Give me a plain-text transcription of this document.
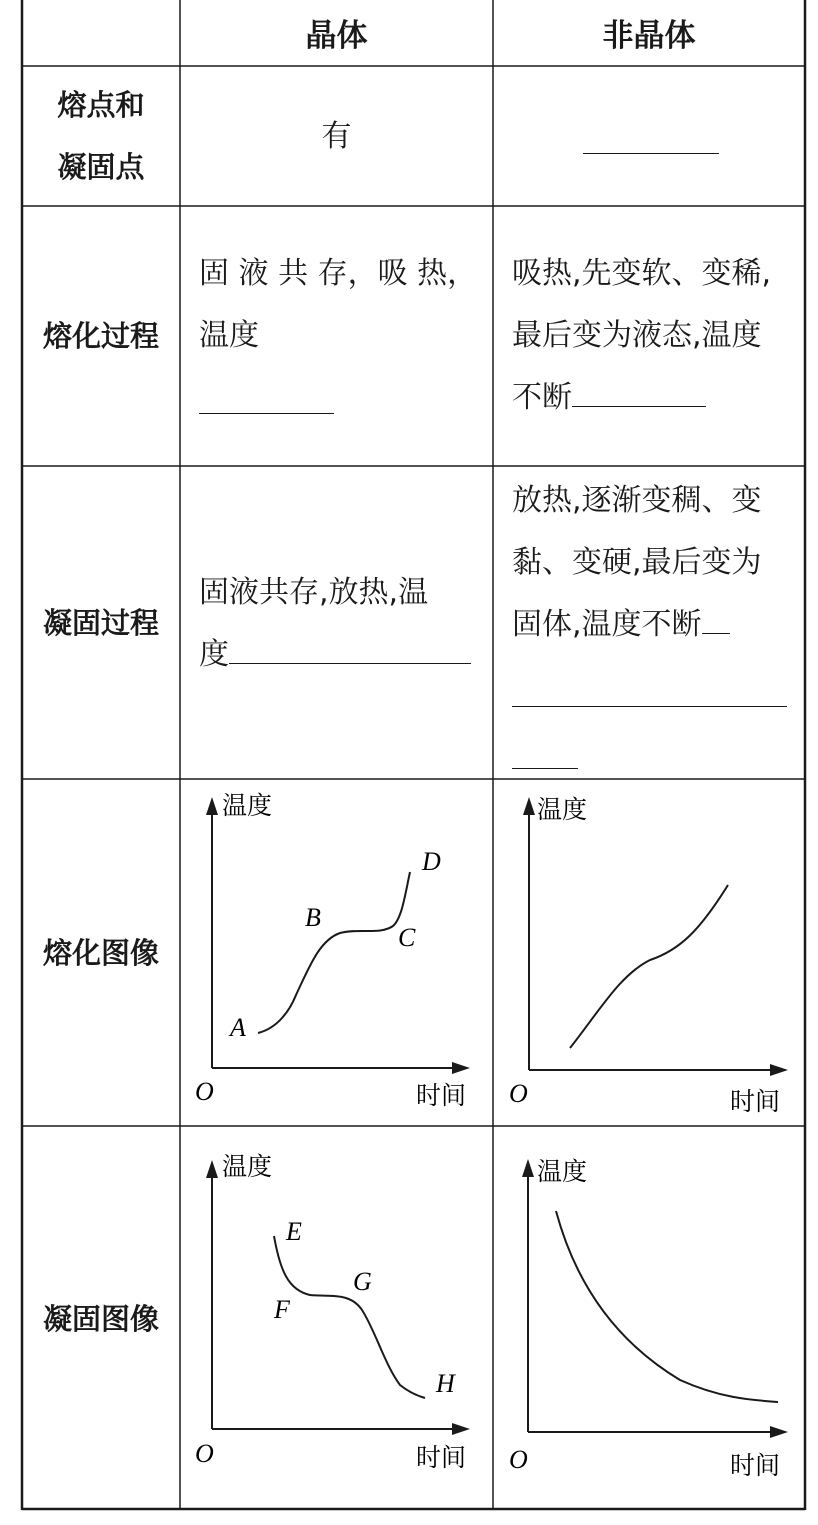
晶体	非晶体
熔点和
凝固点
有
熔化过程
固 液 共 存，吸 热，
温度
吸热,先变软、变稀,
最后变为液态,温度
不断
凝固过程
固液共存,放热,温
度
放热,逐渐变稠、变
黏、变硬,最后变为
固体,温度不断
熔化图像
凝固图像
温度
时间
O
A
B
C
D
温度
时间
O
温度
时间
O
E
F
G
H
温度
时间
O
